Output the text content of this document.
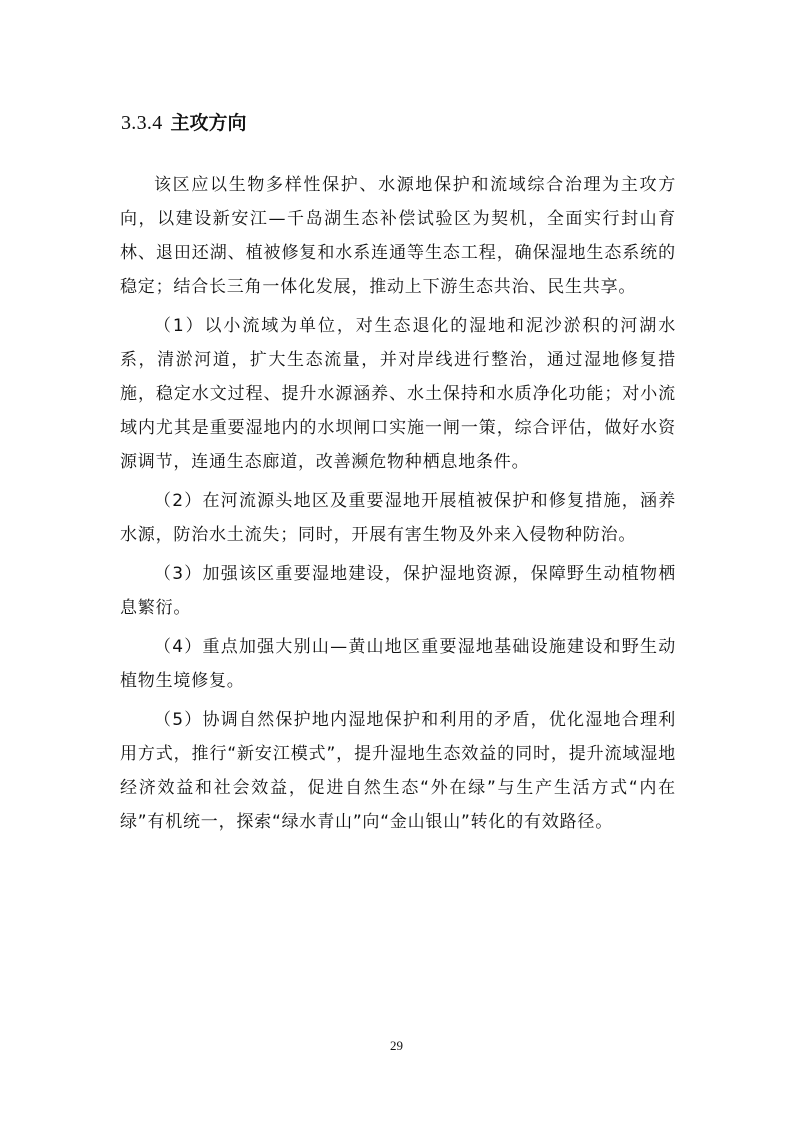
3.3.4 主攻方向

该区应以生物多样性保护、水源地保护和流域综合治理为主攻方向，以建设新安江—千岛湖生态补偿试验区为契机，全面实行封山育林、退田还湖、植被修复和水系连通等生态工程，确保湿地生态系统的稳定；结合长三角一体化发展，推动上下游生态共治、民生共享。

（1）以小流域为单位，对生态退化的湿地和泥沙淤积的河湖水系，清淤河道，扩大生态流量，并对岸线进行整治，通过湿地修复措施，稳定水文过程、提升水源涵养、水土保持和水质净化功能；对小流域内尤其是重要湿地内的水坝闸口实施一闸一策，综合评估，做好水资源调节，连通生态廊道，改善濒危物种栖息地条件。

（2）在河流源头地区及重要湿地开展植被保护和修复措施，涵养水源，防治水土流失；同时，开展有害生物及外来入侵物种防治。

（3）加强该区重要湿地建设，保护湿地资源，保障野生动植物栖息繁衍。

（4）重点加强大别山—黄山地区重要湿地基础设施建设和野生动植物生境修复。

（5）协调自然保护地内湿地保护和利用的矛盾，优化湿地合理利用方式，推行“新安江模式”，提升湿地生态效益的同时，提升流域湿地经济效益和社会效益，促进自然生态“外在绿”与生产生活方式“内在绿”有机统一，探索“绿水青山”向“金山银山”转化的有效路径。

29
